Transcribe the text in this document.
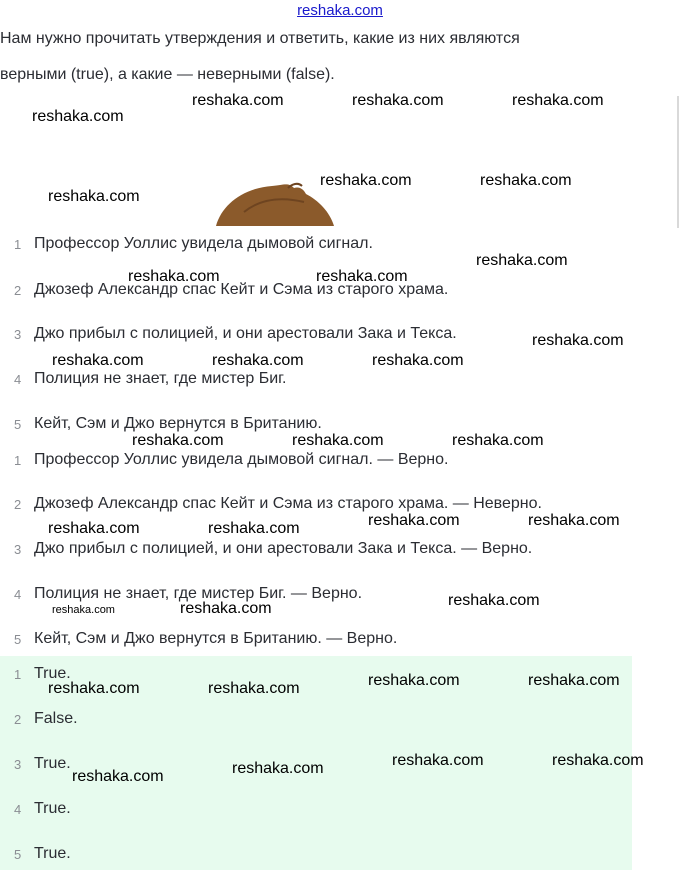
reshaka.com
Нам нужно прочитать утверждения и ответить, какие из них являются
верными (true), а какие — неверными (false).
1 Профессор Уоллис увидела дымовой сигнал.
2 Джозеф Александр спас Кейт и Сэма из старого храма.
3 Джо прибыл с полицией, и они арестовали Зака и Текса.
4 Полиция не знает, где мистер Биг.
5 Кейт, Сэм и Джо вернутся в Британию.
1 Профессор Уоллис увидела дымовой сигнал. — Верно.
2 Джозеф Александр спас Кейт и Сэма из старого храма. — Неверно.
3 Джо прибыл с полицией, и они арестовали Зака и Текса. — Верно.
4 Полиция не знает, где мистер Биг. — Верно.
5 Кейт, Сэм и Джо вернутся в Британию. — Верно.
1 True.
2 False.
3 True.
4 True.
5 True.
reshaka.com	reshaka.com	reshaka.com
reshaka.com
reshaka.com	reshaka.com
reshaka.com
reshaka.com
reshaka.com	reshaka.com
reshaka.com
reshaka.com	reshaka.com	reshaka.com
reshaka.com	reshaka.com	reshaka.com
reshaka.com	reshaka.com
reshaka.com	reshaka.com
reshaka.com
reshaka.com
reshaka.com	reshaka.com
reshaka.com	reshaka.com
reshaka.com	reshaka.com
reshaka.com
reshaka.com
reshaka.com
